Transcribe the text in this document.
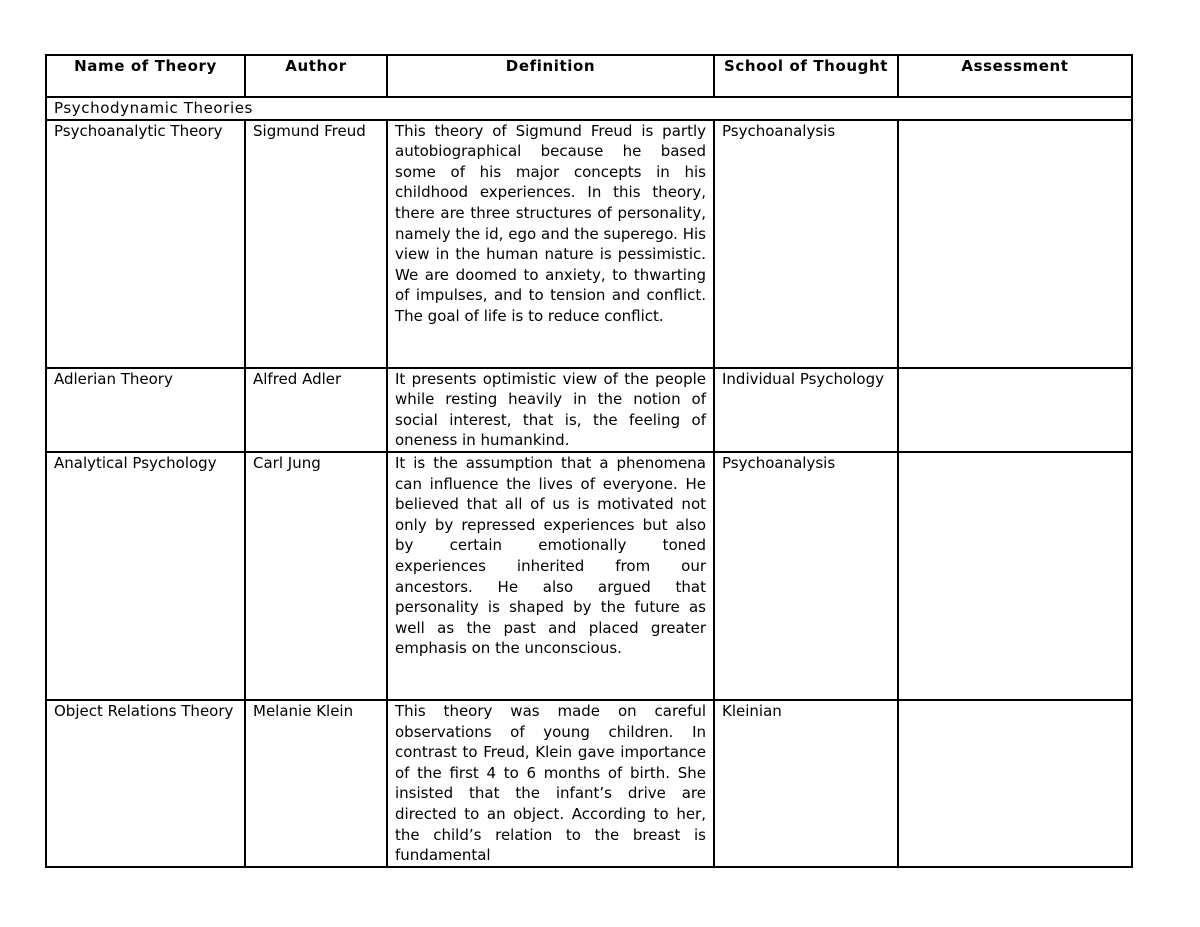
Name of Theory	Author	Definition	School of Thought	Assessment
Psychodynamic Theories				
Psychoanalytic Theory	Sigmund Freud	This theory of Sigmund Freud is partly autobiographical because he based some of his major concepts in his childhood experiences. In this theory, there are three structures of personality, namely the id, ego and the superego. His view in the human nature is pessimistic. We are doomed to anxiety, to thwarting of impulses, and to tension and conflict. The goal of life is to reduce conflict.	Psychoanalysis	
Adlerian Theory	Alfred Adler	It presents optimistic view of the people while resting heavily in the notion of social interest, that is, the feeling of oneness in humankind.	Individual Psychology	
Analytical Psychology	Carl Jung	It is the assumption that a phenomena can influence the lives of everyone. He believed that all of us is motivated not only by repressed experiences but also by certain emotionally toned experiences inherited from our ancestors. He also argued that personality is shaped by the future as well as the past and placed greater emphasis on the unconscious.	Psychoanalysis	
Object Relations Theory	Melanie Klein	This theory was made on careful observations of young children. In contrast to Freud, Klein gave importance of the first 4 to 6 months of birth. She insisted that the infant’s drive are directed to an object. According to her, the child’s relation to the breast is fundamental	Kleinian	
